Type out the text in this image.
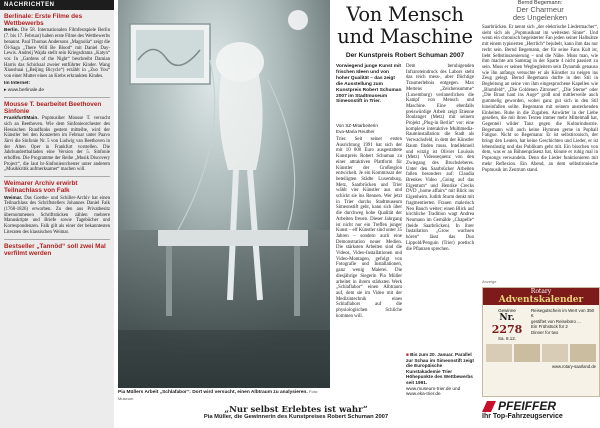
NACHRICHTEN
Berlinale: Erste Filme des Wettbewerbs
Berlin. Die 58. Internationalen Filmfestspiele Berlin (7. bis 17. Februar) haben erste Filme des Wettbewerbs benannt. Paul Thomas Andersons „Magnolia“ zeigt die Öl-Saga „There Will Be Blood“ mit Daniel Day-Lewis. Andreij Wajda stellt sein Kriegsdrama „Katyn“ vor. In „Gardens of the Night“ beschreibt Damian Harris das Schicksal zweier entführter Kinder. Wang Xiaoshuai („Beijing Bicycle“) erzählt in „Zuo You“ von einer Mutter eines an Krebs erkrankten Kindes.
Im Internet:
▸ www.berlinale.de
Mousse T. bearbeitet Beethoven Sinfonie
Frankfurt/Main. Popmusiker Mousse T. versucht sich an Beethoven. Wie dem Sinfonieorchester des Hessischen Rundfunks gestern mitteilte, wird der Künstler bei den Konzerten im Februar unter Paavo Järvi die Sinfonie Nr. 5 von Ludwig van Beethoven in der Alten Oper in Frankfurt vorstellen. Die Jahrhundertballaden eine Version der 5. Sinfonie erhoffen. Die Programme der Reihe „Musik Discovery Project“, die laut hr-Sinfonieorchester unter anderem „Musikkritik aufmerksamer“ machen will.
Weimarer Archiv erwirbt Teilnachlass von Falk
Weimar. Das Goethe- und Schiller-Archiv hat einen Teilnachlass des Schriftstellers Johannes Daniel Falk (1768-1826) erworben. Zu den aus Privatbesitz übernommenen Schriftstücken zählen mehrere Manuskripte und Briefe sowie Tagebücher und Korrespondenzen. Falk gilt als einer der bekanntesten Literaten des klassischen Weimar.
Bestseller „Tannöd“ soll zwei Mal verfilmt werden
Pia Müllers Arbeit „Schlafabor“: Dort wird versucht, einen Albtraum zu analysieren. Foto: Museum
Von Mensch
und Maschine
Der Kunstpreis Robert Schuman 2007
Vorwiegend junge Kunst mit frischen Ideen und von hoher Qualität – das zeigt die Ausstellung zum Kunstpreis Robert Schuman 2007 im Stadtmuseum Simeonstift in Trier.
Von SZ-Mitarbeiterin
Eva-Maria Reuther
Trier. Seit seiner ersten Ausrichtung 1991 hat sich der mit 10 000 Euro ausgestattete Kunstpreis Robert Schuman zu einer attraktiven Plattform für Künstler der Großregion entwickelt. Je ein Kommissar der beteiligten Städte Luxemburg, Metz, Saarbrücken und Trier wählt vier Künstler aus und schickt sie ins Rennen. Wer jetzt in Trier durchs Stadtmuseum Simeonstift geht, kann sich über die durchweg hohe Qualität der Arbeiten freuen. Dieser Jahrgang ist nicht nur ein Treffen junger Kunst – elf Künstler sind unter 35 Jahren – sondern auch eine Demonstration neuer Medien. Die stärksten Arbeiten sind die Videos, Video-Installationen und Video-Montagen, gefolgt von Fotografie und Installationen, ganz wenig Malerei. Die diesjährige Siegerin Pia Müller arbeitet in ihrem stärksten Werk „Schlaflabor“ einen Albtraum auf, dem sie im Video mit der Medizintechnik eines Schlaflabors auf die physiologischen Schliche kommen will.
Dem beruhigenden Infraroteindruck des Labors steht das reich mess-, aber flüchtige Traumerlebnis entgegen. Max Mertens „Zeichensumme“ (Luxemburg) verinnerlichen die Kampf von Mensch und Maschine. Eine ebenfalls preiswürdige Arbeit zeigt Etienne Boulanger (Metz) mit seinem Projekt „Plug-in Berlin“ vor: eine komplexe interaktive Multimedia-Rauminstallation: die Stadt als Verwachsfeld, in dem der Künstler Raum finden muss. Intellektuell und witzig ist Olivier Louissis (Metz) Videosequenz von den Zwiegang des Bruchsleberes. Unter den Saarbrücker Arbeiten fallen besonders auf: Claudia Brenkes Video „Going auf das Eigentum“ und Henrike Crecks DVD „home affairs“ mit Blick ins Eigenheim. Judith Sturm denkt mit fragmentierten Frauen malerisch Neo Bauch weiter; einen Blick auf kirchliche Tradition wagt Andrea Neumann im Gemälde „Chapelle“ (beide Saarbrücken). In ihrer Installation „Grow wachsen hören“ lässt das Duo Lippold/Penguin (Trier) poetisch die Pflanzen sprechen.
■ Bis zum 20. Januar. Parallel zur Schau im Simeonstift zeigt die Europäische Kunstakademie Trier Höhepunkte des Wettbewerbs seit 1991.
www.museum-trier.de und www.eka-trier.de
„Nur selbst Erlebtes ist wahr“
Pia Müller, die Gewinnerin des Kunstpreises Robert Schuman 2007
Bernd Begemann:
Der Charmeur
des Ungelenken
Saarbrücken. Er nennt sich „der elektrische Liedermacher“, sieht sich als „Popmusikant im weitesten Sinne“. Und wenn ein chronisch begeisterter Fan jeden seiner Halbsätze mit einem typisierten „Herrlich“ bejubelt, kann ihm das nur recht sein. Bernd Begemann, der für seine Fans Kult ist, liebt Selbstinszenierung – und die Nähe. Muss man, wie ihm machte am Samstag in der Sparte 4 nicht passiert zu sein. Muss er seinen Wegbegleitern sein Dynamik genauso wie ihn anfangs versuchte er als Künstler zu neigen ins Zeug gelegt. Bernd Begemann durfte in den Stil in Begleitung an seine von ihm eingesprochene Kapellen wie „Blumfeld“, „Die Goldenen Zitronen“, „Die Sterne“ oder „Die Braut haut ins Auge“ groß und mittlerweile auch gummelig geworden, wobei ganz gut sich in den Stil hineinfallen sollte. Begemann mit seinem ansteckenden Einheiten. Ruhe in die Zugaben. Anwärter in der Liebe gesellen, die mit ihren Texten immer mehr Mittelmaß hat, Gegenteil wilder Tanz gegen die Kulturindustrie. Begemann will auch keine Hymnen gerne in Popball Fatigue. Nicht so Begemann: Er ist selbstironisch, der bringt den Leuten, hat keine Geschichten und Lieder, er ist lebenslustig und das Publikum geht mit. Ein bisschen von dem, was er an Bühnenpräsenz hat, könnte er ruhig mal in Popsongs verwandeln. Denn die Lieder funktionieren mit mehr Reflexion. Ein Abend, an dem selbstironische Popmusik im Zentrum stand.
Anzeige
Rotary
Adventskalender
Gewinne
Nr.
2278
Sa. 8.12.
Reisegutschein im Wert von 350 €
gestiftet von Reisebüro ...
Ein Frühstück für 2
Dinner for two
www.rotary-saarland.de
PFEIFFER
Ihr Top-Fahrzeugservice
